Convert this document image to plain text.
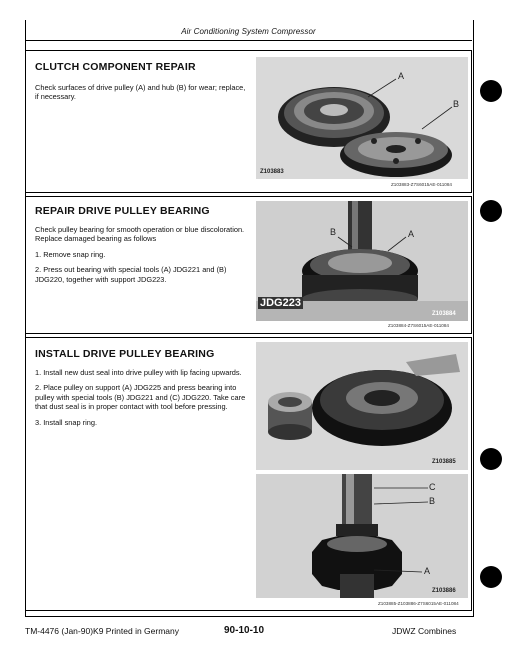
Air Conditioning System Compressor
CLUTCH COMPONENT REPAIR

Check surfaces of drive pulley (A) and hub (B) for wear; replace, if necessary.

A
B
Z103883
Z103883-Z7S6015AE-011084
REPAIR DRIVE PULLEY BEARING

Check pulley bearing for smooth operation or blue discoloration. Replace damaged bearing as follows

1. Remove snap ring.

2. Press out bearing with special tools (A) JDG221 and (B) JDG220, together with support JDG223.

B	A
JDG223
Z103884
Z103884-Z7S6015AE-011084
INSTALL DRIVE PULLEY BEARING

1. Install new dust seal into drive pulley with lip facing upwards.

2. Place pulley on support (A) JDG225 and press bearing into pulley with special tools (B) JDG221 and (C) JDG220. Take care that dust seal is in proper contact with tool before pressing.

3. Install snap ring.

Z103885
C
B
A
Z103886
Z103885-Z103886-Z7S6015AE-011084
TM-4476 (Jan-90)K9 Printed in Germany	90-10-10	JDWZ Combines
